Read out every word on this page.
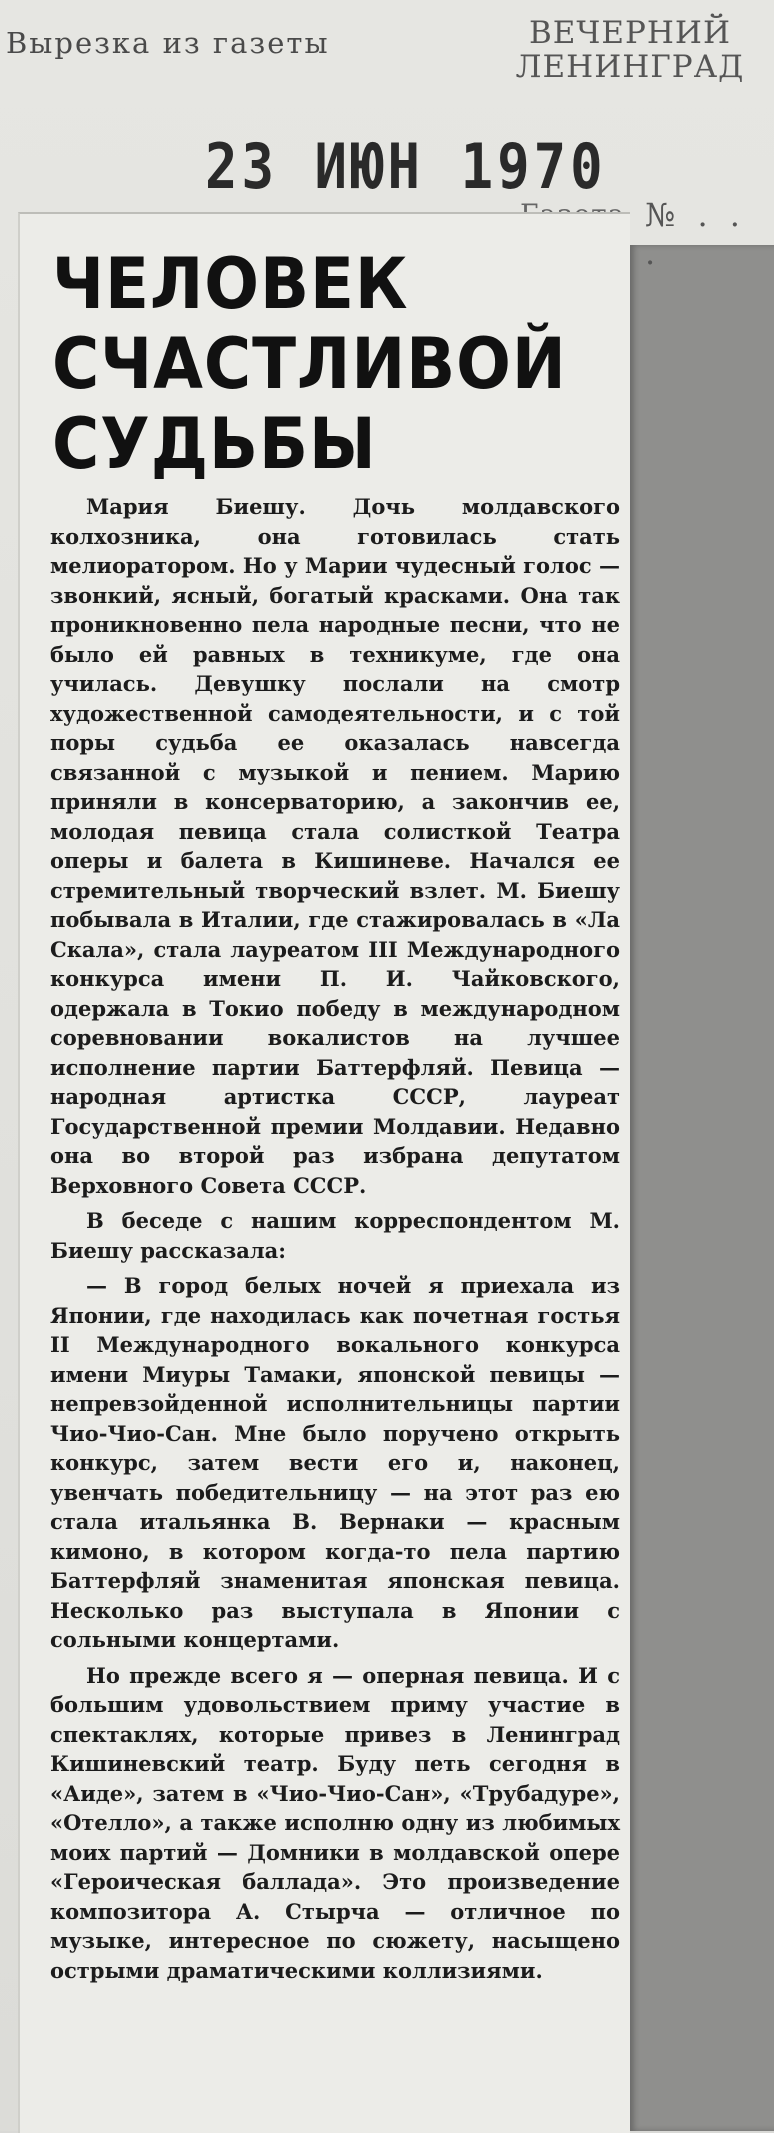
Вырезка из газеты	ВЕЧЕРНИЙ
ЛЕНИНГРАД
23 ИЮН 1970
№ . . .
ЧЕЛОВЕК
СЧАСТЛИВОЙ
СУДЬБЫ

Мария Биешу. Дочь молдавского колхозника, она готовилась стать мелиоратором. Но у Марии чудесный голос — звонкий, ясный, богатый красками. Она так проникновенно пела народные песни, что не было ей равных в техникуме, где она училась. Девушку послали на смотр художественной самодеятельности, и с той поры судьба ее оказалась навсегда связанной с музыкой и пением. Марию приняли в консерваторию, а закончив ее, молодая певица стала солисткой Театра оперы и балета в Кишиневе. Начался ее стремительный творческий взлет. М. Биешу побывала в Италии, где стажировалась в «Ла Скала», стала лауреатом III Международного конкурса имени П. И. Чайковского, одержала в Токио победу в международном соревновании вокалистов на лучшее исполнение партии Баттерфляй. Певица — народная артистка СССР, лауреат Государственной премии Молдавии. Недавно она во второй раз избрана депутатом Верховного Совета СССР.

В беседе с нашим корреспондентом М. Биешу рассказала:

— В город белых ночей я приехала из Японии, где находилась как почетная гостья II Международного вокального конкурса имени Миуры Тамаки, японской певицы — непревзойденной исполнительницы партии Чио-Чио-Сан. Мне было поручено открыть конкурс, затем вести его и, наконец, увенчать победительницу — на этот раз ею стала итальянка В. Вернаки — красным кимоно, в котором когда-то пела партию Баттерфляй знаменитая японская певица. Несколько раз выступала в Японии с сольными концертами.

Но прежде всего я — оперная певица. И с большим удовольствием приму участие в спектаклях, которые привез в Ленинград Кишиневский театр. Буду петь сегодня в «Аиде», затем в «Чио-Чио-Сан», «Трубадуре», «Отелло», а также исполню одну из любимых моих партий — Домники в молдавской опере «Героическая баллада». Это произведение композитора А. Стырча — отличное по музыке, интересное по сюжету, насыщено острыми драматическими коллизиями.
